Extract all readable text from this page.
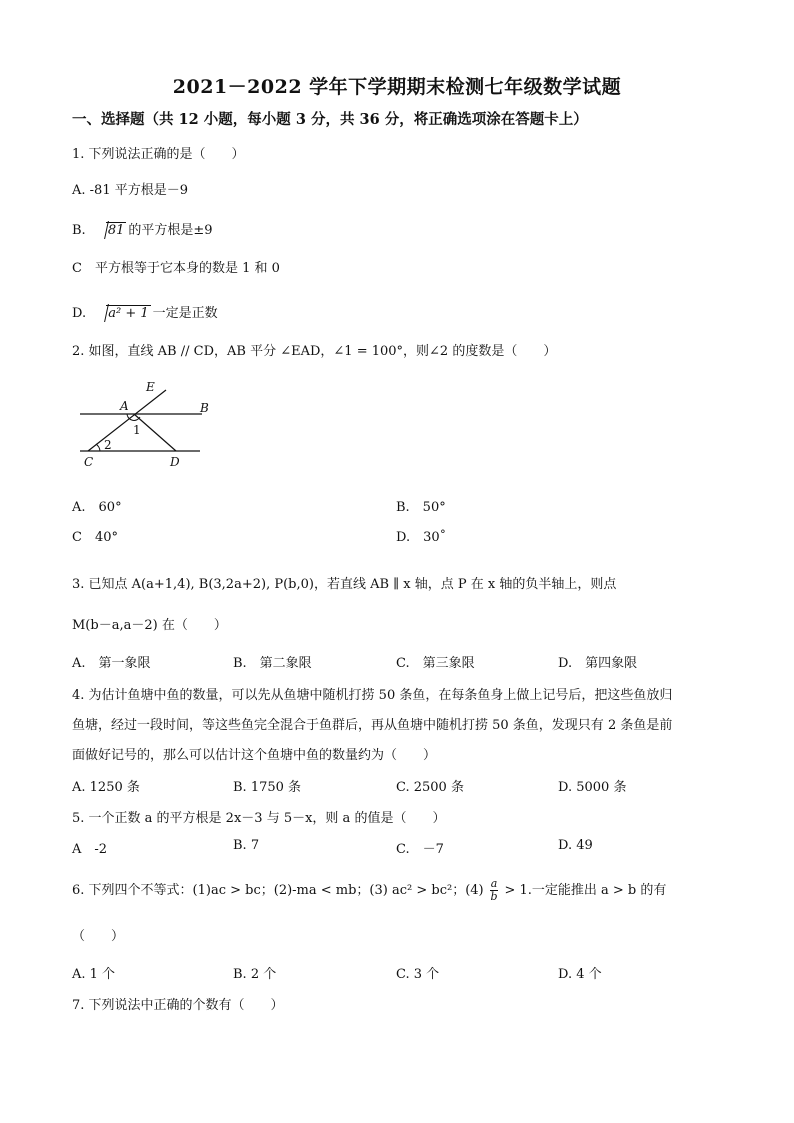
2021－2022 学年下学期期末检测七年级数学试题
一、选择题（共 12 小题，每小题 3 分，共 36 分，将正确选项涂在答题卡上）
1. 下列说法正确的是（　　）
A. -81 平方根是－9
B. 81 的平方根是±9
C　平方根等于它本身的数是 1 和 0
D. a² + 1 一定是正数
2. 如图，直线 AB // CD，AB 平分 ∠EAD，∠1 = 100°，则∠2 的度数是（　　）
E
A	B
1
2
C	D
A.　60°	B.　50°
C　40°	D.　30˚
3. 已知点 A(a+1,4), B(3,2a+2), P(b,0)，若直线 AB ∥ x 轴，点 P 在 x 轴的负半轴上，则点
M(b－a,a－2) 在（　　）
A.　第一象限	B.　第二象限	C.　第三象限	D.　第四象限
4. 为估计鱼塘中鱼的数量，可以先从鱼塘中随机打捞 50 条鱼，在每条鱼身上做上记号后，把这些鱼放归
鱼塘，经过一段时间，等这些鱼完全混合于鱼群后，再从鱼塘中随机打捞 50 条鱼，发现只有 2 条鱼是前
面做好记号的，那么可以估计这个鱼塘中鱼的数量约为（　　）
A. 1250 条	B. 1750 条	C. 2500 条	D. 5000 条
5. 一个正数 a 的平方根是 2x－3 与 5－x，则 a 的值是（　　）
A　-2	B. 7	C.　－7	D. 49
6. 下列四个不等式：(1)ac > bc；(2)-ma < mb；(3) ac² > bc²；$(4) \frac{a}{b} > 1$.一定能推出 a > b 的有
（　　）
A. 1 个	B. 2 个	C. 3 个	D. 4 个
7. 下列说法中正确的个数有（　　）
